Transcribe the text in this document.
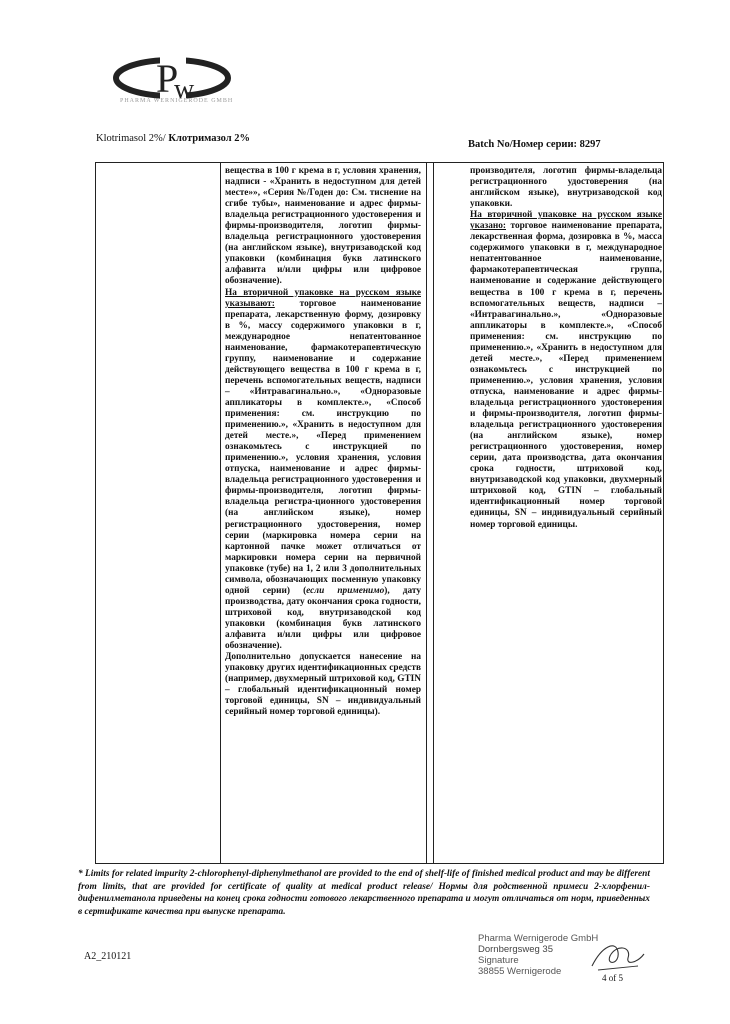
P
w
PHARMA WERNIGERODE GMBH
Klotrimasol 2%/ Клотримазол 2%
Batch No/Номер серии: 8297

вещества в 100 г крема в г, условия хранения, надписи - «Хранить в недоступном для детей месте»», «Серия №/Годен до: См. тиснение на сгибе тубы», наименование и адрес фирмы-владельца регистрационного удостоверения и фирмы-производителя, логотип фирмы-владельца регистрационного удостоверения (на английском языке), внутризаводской код упаковки (комбинация букв латинского алфавита и/или цифры или цифровое обозначение).

На вторичной упаковке на русском языке указывают: торговое наименование препарата, лекарственную форму, дозировку в %, массу содержимого упаковки в г, международное непатентованное наименование, фармакотерапевтическую группу, наименование и содержание действующего вещества в 100 г крема в г, перечень вспомогательных веществ, надписи – «Интравагинально.», «Одноразовые аппликаторы в комплекте.», «Способ применения: см. инструкцию по применению.», «Хранить в недоступном для детей месте.», «Перед применением ознакомьтесь с инструкцией по применению.», условия хранения, условия отпуска, наименование и адрес фирмы-владельца регистрационного удостоверения и фирмы-производителя, логотип фирмы-владельца регистра-ционного удостоверения (на английском языке), номер регистрационного удостоверения, номер серии (маркировка номера серии на картонной пачке может отличаться от маркировки номера серии на первичной упаковке (тубе) на 1, 2 или 3 дополнительных символа, обозначающих посменную упаковку одной серии) (если применимо), дату производства, дату окончания срока годности, штриховой код, внутризаводской код упаковки (комбинация букв латинского алфавита и/или цифры или цифровое обозначение).

Дополнительно допускается нанесение на упаковку других идентификационных средств (например, двухмерный штриховой код, GTIN – глобальный идентификационный номер торговой единицы, SN – индивидуальный серийный номер торговой единицы).

производителя, логотип фирмы-владельца регистрационного удостоверения (на английском языке), внутризаводской код упаковки.

На вторичной упаковке на русском языке указано: торговое наименование препарата, лекарственная форма, дозировка в %, масса содержимого упаковки в г, международное непатентованное наименование, фармакотерапевтическая группа, наименование и содержание действующего вещества в 100 г крема в г, перечень вспомогательных веществ, надписи – «Интравагинально.», «Одноразовые аппликаторы в комплекте.», «Способ применения: см. инструкцию по применению.», «Хранить в недоступном для детей месте.», «Перед применением ознакомьтесь с инструкцией по применению.», условия хранения, условия отпуска, наименование и адрес фирмы-владельца регистрационного удостоверения и фирмы-производителя, логотип фирмы-владельца регистрационного удостоверения (на английском языке), номер регистрационного удостоверения, номер серии, дата производства, дата окончания срока годности, штриховой код, внутризаводской код упаковки, двухмерный штриховой код, GTIN – глобальный идентификационный номер торговой единицы, SN – индивидуальный серийный номер торговой единицы.

* Limits for related impurity 2-chlorophenyl-diphenylmethanol are provided to the end of shelf-life of finished medical product and may be different from limits, that are provided for certificate of quality at medical product release/ Нормы для родственной примеси 2-хлорфенил-дифенилметанола приведены на конец срока годности готового лекарственного препарата и могут отличаться от норм, приведенных в сертификате качества при выпуске препарата.
A2_210121
Pharma Wernigerode GmbH
Dornbergsweg 35
Signature
38855 Wernigerode
4 of 5
